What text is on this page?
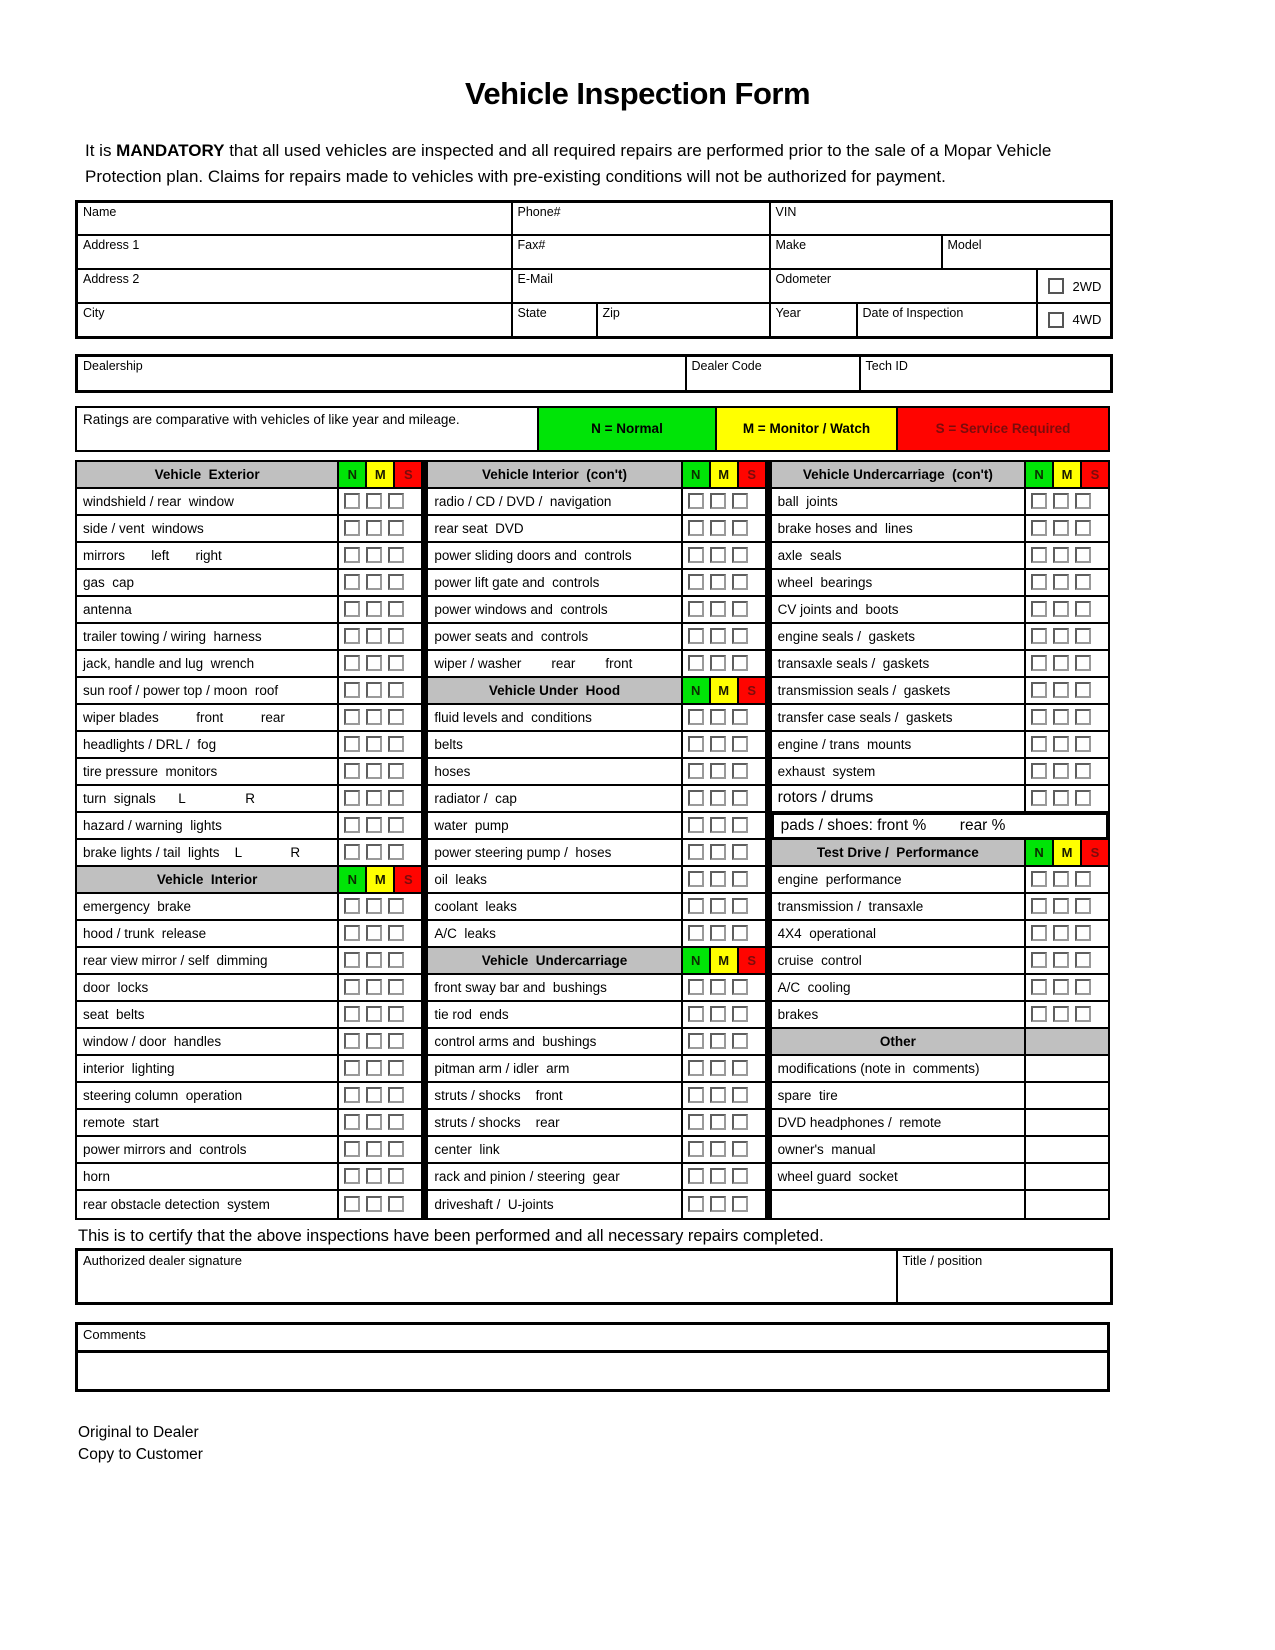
Vehicle Inspection Form
It is MANDATORY that all used vehicles are inspected and all required repairs are performed prior to the sale of a Mopar Vehicle Protection plan. Claims for repairs made to vehicles with pre-existing conditions will not be authorized for payment.
Name	Phone#		VIN			
Address 1	Fax#		Make		Model	
Address 2	E-Mail		Odometer			2WD

City	State	Zip	Year	Date of Inspection		4WD
Dealership	Dealer Code	Tech ID
Ratings are comparative with vehicles of like year and mileage.
N = Normal	M = Monitor / Watch	S = Service Required
Vehicle  Exterior	N	M	S
windshield / rear  window
side / vent  windows
mirrors       left       right
gas  cap
antenna
trailer towing / wiring  harness
jack, handle and lug  wrench
sun roof / power top / moon  roof
wiper blades          front          rear
headlights / DRL /  fog
tire pressure  monitors
turn  signals      L                R
hazard / warning  lights
brake lights / tail  lights    L             R
Vehicle  Interior	N	M	S
emergency  brake
hood / trunk  release
rear view mirror / self  dimming
door  locks
seat  belts
window / door  handles
interior  lighting
steering column  operation
remote  start
power mirrors and  controls
horn
rear obstacle detection  system
Vehicle Interior  (con't)	N	M	S
radio / CD / DVD /  navigation
rear seat  DVD
power sliding doors and  controls
power lift gate and  controls
power windows and  controls
power seats and  controls
wiper / washer        rear        front
Vehicle Under  Hood	N	M	S
fluid levels and  conditions
belts
hoses
radiator /  cap
water  pump
power steering pump /  hoses
oil  leaks
coolant  leaks
A/C  leaks
Vehicle  Undercarriage	N	M	S
front sway bar and  bushings
tie rod  ends
control arms and  bushings
pitman arm / idler  arm
struts / shocks    front
struts / shocks    rear
center  link
rack and pinion / steering  gear
driveshaft /  U-joints
Vehicle Undercarriage  (con't)	N	M	S
ball  joints
brake hoses and  lines
axle  seals
wheel  bearings
CV joints and  boots
engine seals /  gaskets
transaxle seals /  gaskets
transmission seals /  gaskets
transfer case seals /  gaskets
engine / trans  mounts
exhaust  system
rotors / drums
pads / shoes: front % rear %
Test Drive /  Performance	N	M	S
engine  performance
transmission /  transaxle
4X4  operational
cruise  control
A/C  cooling
brakes
Other
modifications (note in  comments)
spare  tire
DVD headphones /  remote
owner's  manual
wheel guard  socket
This is to certify that the above inspections have been performed and all necessary repairs completed.
Authorized dealer signature	Title / position
Comments
Original to Dealer
Copy to Customer
